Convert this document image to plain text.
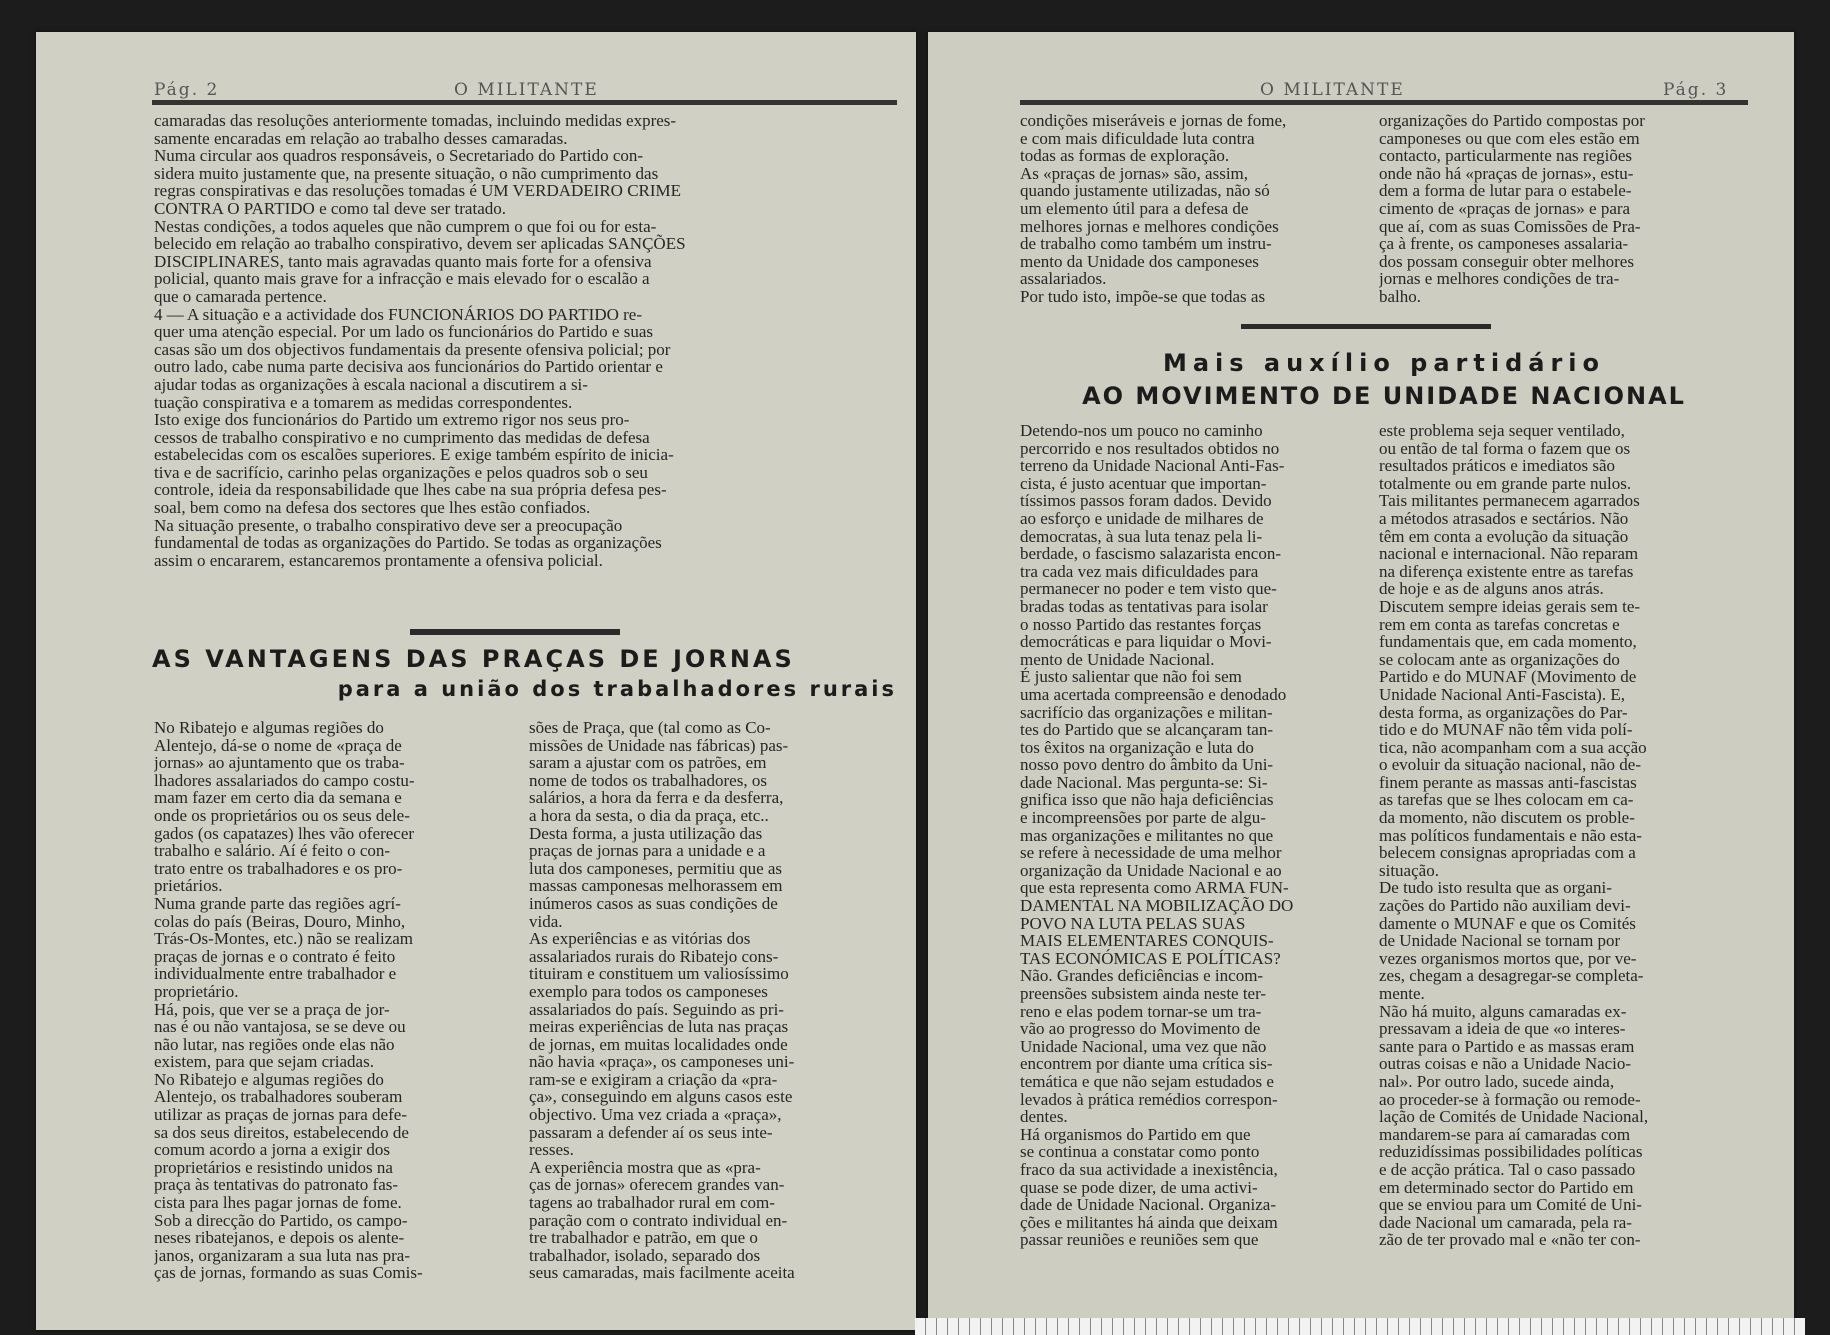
Pág. 2	O MILITANTE
camaradas das resoluções anteriormente tomadas, incluindo medidas expres-
samente encaradas em relação ao trabalho desses camaradas.
Numa circular aos quadros responsáveis, o Secretariado do Partido con-
sidera muito justamente que, na presente situação, o não cumprimento das
regras conspirativas e das resoluções tomadas é UM VERDADEIRO CRIME
CONTRA O PARTIDO e como tal deve ser tratado.
Nestas condições, a todos aqueles que não cumprem o que foi ou for esta-
belecido em relação ao trabalho conspirativo, devem ser aplicadas SANÇÕES
DISCIPLINARES, tanto mais agravadas quanto mais forte for a ofensiva
policial, quanto mais grave for a infracção e mais elevado for o escalão a
que o camarada pertence.
4 — A situação e a actividade dos FUNCIONÁRIOS DO PARTIDO re-
quer uma atenção especial. Por um lado os funcionários do Partido e suas
casas são um dos objectivos fundamentais da presente ofensiva policial; por
outro lado, cabe numa parte decisiva aos funcionários do Partido orientar e
ajudar todas as organizações à escala nacional a discutirem a si-
tuação conspirativa e a tomarem as medidas correspondentes.
Isto exige dos funcionários do Partido um extremo rigor nos seus pro-
cessos de trabalho conspirativo e no cumprimento das medidas de defesa
estabelecidas com os escalões superiores. E exige também espírito de inicia-
tiva e de sacrifício, carinho pelas organizações e pelos quadros sob o seu
controle, ideia da responsabilidade que lhes cabe na sua própria defesa pes-
soal, bem como na defesa dos sectores que lhes estão confiados.
Na situação presente, o trabalho conspirativo deve ser a preocupação
fundamental de todas as organizações do Partido. Se todas as organizações
assim o encararem, estancaremos prontamente a ofensiva policial.
AS VANTAGENS DAS PRAÇAS DE JORNAS
para a união dos trabalhadores rurais
No Ribatejo e algumas regiões do
Alentejo, dá-se o nome de «praça de
jornas» ao ajuntamento que os traba-
lhadores assalariados do campo costu-
mam fazer em certo dia da semana e
onde os proprietários ou os seus dele-
gados (os capatazes) lhes vão oferecer
trabalho e salário. Aí é feito o con-
trato entre os trabalhadores e os pro-
prietários.
Numa grande parte das regiões agrí-
colas do país (Beiras, Douro, Minho,
Trás-Os-Montes, etc.) não se realizam
praças de jornas e o contrato é feito
individualmente entre trabalhador e
proprietário.
Há, pois, que ver se a praça de jor-
nas é ou não vantajosa, se se deve ou
não lutar, nas regiões onde elas não
existem, para que sejam criadas.
No Ribatejo e algumas regiões do
Alentejo, os trabalhadores souberam
utilizar as praças de jornas para defe-
sa dos seus direitos, estabelecendo de
comum acordo a jorna a exigir dos
proprietários e resistindo unidos na
praça às tentativas do patronato fas-
cista para lhes pagar jornas de fome.
Sob a direcção do Partido, os campo-
neses ribatejanos, e depois os alente-
janos, organizaram a sua luta nas pra-
ças de jornas, formando as suas Comis-
sões de Praça, que (tal como as Co-
missões de Unidade nas fábricas) pas-
saram a ajustar com os patrões, em
nome de todos os trabalhadores, os
salários, a hora da ferra e da desferra,
a hora da sesta, o dia da praça, etc..
Desta forma, a justa utilização das
praças de jornas para a unidade e a
luta dos camponeses, permitiu que as
massas camponesas melhorassem em
inúmeros casos as suas condições de
vida.
As experiências e as vitórias dos
assalariados rurais do Ribatejo cons-
tituiram e constituem um valiosíssimo
exemplo para todos os camponeses
assalariados do país. Seguindo as pri-
meiras experiências de luta nas praças
de jornas, em muitas localidades onde
não havia «praça», os camponeses uni-
ram-se e exigiram a criação da «pra-
ça», conseguindo em alguns casos este
objectivo. Uma vez criada a «praça»,
passaram a defender aí os seus inte-
resses.
A experiência mostra que as «pra-
ças de jornas» oferecem grandes van-
tagens ao trabalhador rural em com-
paração com o contrato individual en-
tre trabalhador e patrão, em que o
trabalhador, isolado, separado dos
seus camaradas, mais facilmente aceita
O MILITANTE	Pág. 3
condições miseráveis e jornas de fome,
e com mais dificuldade luta contra
todas as formas de exploração.
As «praças de jornas» são, assim,
quando justamente utilizadas, não só
um elemento útil para a defesa de
melhores jornas e melhores condições
de trabalho como também um instru-
mento da Unidade dos camponeses
assalariados.
Por tudo isto, impõe-se que todas as
organizações do Partido compostas por
camponeses ou que com eles estão em
contacto, particularmente nas regiões
onde não há «praças de jornas», estu-
dem a forma de lutar para o estabele-
cimento de «praças de jornas» e para
que aí, com as suas Comissões de Pra-
ça à frente, os camponeses assalaria-
dos possam conseguir obter melhores
jornas e melhores condições de tra-
balho.
Mais auxílio partidário
AO MOVIMENTO DE UNIDADE NACIONAL
Detendo-nos um pouco no caminho
percorrido e nos resultados obtidos no
terreno da Unidade Nacional Anti-Fas-
cista, é justo acentuar que importan-
tíssimos passos foram dados. Devido
ao esforço e unidade de milhares de
democratas, à sua luta tenaz pela li-
berdade, o fascismo salazarista encon-
tra cada vez mais dificuldades para
permanecer no poder e tem visto que-
bradas todas as tentativas para isolar
o nosso Partido das restantes forças
democráticas e para liquidar o Movi-
mento de Unidade Nacional.
É justo salientar que não foi sem
uma acertada compreensão e denodado
sacrifício das organizações e militan-
tes do Partido que se alcançaram tan-
tos êxitos na organização e luta do
nosso povo dentro do âmbito da Uni-
dade Nacional. Mas pergunta-se: Si-
gnifica isso que não haja deficiências
e incompreensões por parte de algu-
mas organizações e militantes no que
se refere à necessidade de uma melhor
organização da Unidade Nacional e ao
que esta representa como ARMA FUN-
DAMENTAL NA MOBILIZAÇÃO DO
POVO NA LUTA PELAS SUAS
MAIS ELEMENTARES CONQUIS-
TAS ECONÓMICAS E POLÍTICAS?
Não. Grandes deficiências e incom-
preensões subsistem ainda neste ter-
reno e elas podem tornar-se um tra-
vão ao progresso do Movimento de
Unidade Nacional, uma vez que não
encontrem por diante uma crítica sis-
temática e que não sejam estudados e
levados à prática remédios correspon-
dentes.
Há organismos do Partido em que
se continua a constatar como ponto
fraco da sua actividade a inexistência,
quase se pode dizer, de uma activi-
dade de Unidade Nacional. Organiza-
ções e militantes há ainda que deixam
passar reuniões e reuniões sem que
este problema seja sequer ventilado,
ou então de tal forma o fazem que os
resultados práticos e imediatos são
totalmente ou em grande parte nulos.
Tais militantes permanecem agarrados
a métodos atrasados e sectários. Não
têm em conta a evolução da situação
nacional e internacional. Não reparam
na diferença existente entre as tarefas
de hoje e as de alguns anos atrás.
Discutem sempre ideias gerais sem te-
rem em conta as tarefas concretas e
fundamentais que, em cada momento,
se colocam ante as organizações do
Partido e do MUNAF (Movimento de
Unidade Nacional Anti-Fascista). E,
desta forma, as organizações do Par-
tido e do MUNAF não têm vida polí-
tica, não acompanham com a sua acção
o evoluir da situação nacional, não de-
finem perante as massas anti-fascistas
as tarefas que se lhes colocam em ca-
da momento, não discutem os proble-
mas políticos fundamentais e não esta-
belecem consignas apropriadas com a
situação.
De tudo isto resulta que as organi-
zações do Partido não auxiliam devi-
damente o MUNAF e que os Comités
de Unidade Nacional se tornam por
vezes organismos mortos que, por ve-
zes, chegam a desagregar-se completa-
mente.
Não há muito, alguns camaradas ex-
pressavam a ideia de que «o interes-
sante para o Partido e as massas eram
outras coisas e não a Unidade Nacio-
nal». Por outro lado, sucede ainda,
ao proceder-se à formação ou remode-
lação de Comités de Unidade Nacional,
mandarem-se para aí camaradas com
reduzidíssimas possibilidades políticas
e de acção prática. Tal o caso passado
em determinado sector do Partido em
que se enviou para um Comité de Uni-
dade Nacional um camarada, pela ra-
zão de ter provado mal e «não ter con-
